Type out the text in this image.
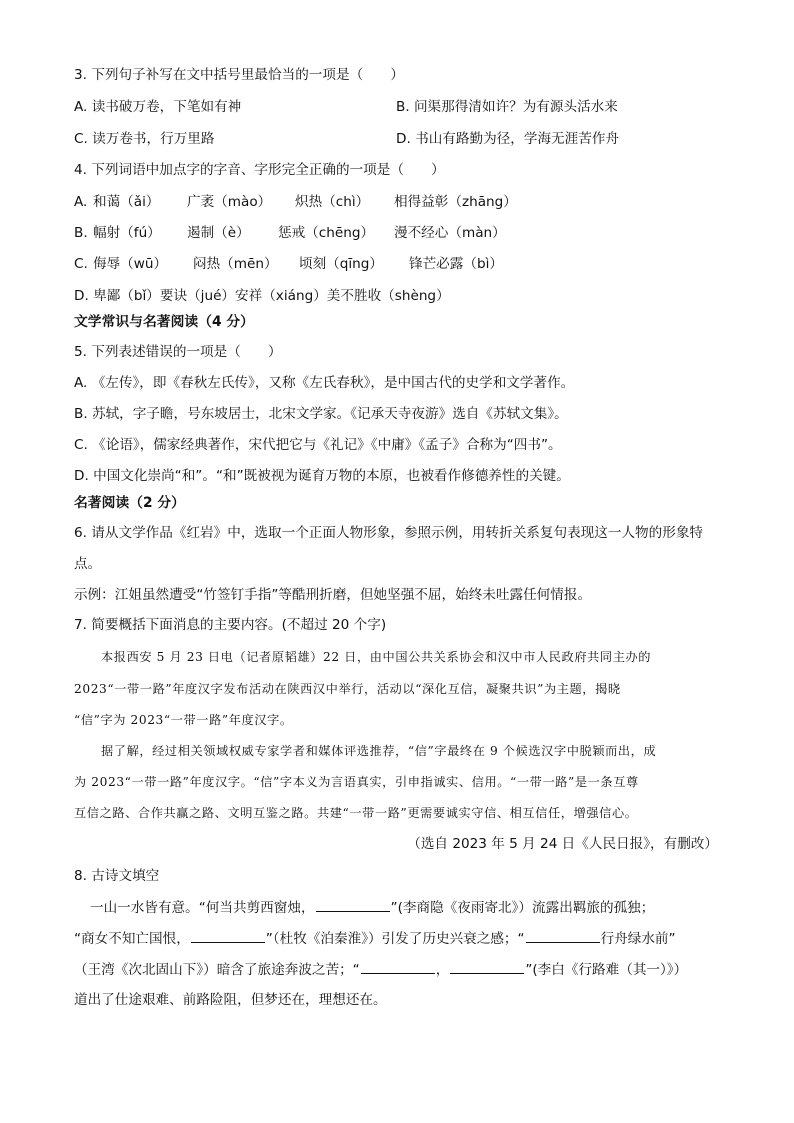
3. 下列句子补写在文中括号里最恰当的一项是（　　）
A. 读书破万卷，下笔如有神	B. 问渠那得清如许？为有源头活水来
C. 读万卷书，行万里路	D. 书山有路勤为径，学海无涯苦作舟
4. 下列词语中加点字的字音、字形完全正确的一项是（　　）
A. 和蔼（ǎi） 广袤（mào） 炽热（chì） 相得益彰（zhāng）
B. 幅射（fú） 遏制（è） 惩戒（chēng） 漫不经心（màn）
C. 侮辱（wū） 闷热（mēn） 顷刻（qīng） 锋芒必露（bì）
D. 卑鄙（bǐ）要诀（jué）安祥（xiáng）美不胜收（shèng）
文学常识与名著阅读（4 分）
5. 下列表述错误的一项是（　　）
A. 《左传》，即《春秋左氏传》，又称《左氏春秋》，是中国古代的史学和文学著作。
B. 苏轼，字子瞻，号东坡居士，北宋文学家。《记承天寺夜游》选自《苏轼文集》。
C. 《论语》，儒家经典著作，宋代把它与《礼记》《中庸》《孟子》合称为“四书”。
D. 中国文化崇尚“和”。“和”既被视为诞育万物的本原，也被看作修德养性的关键。
名著阅读（2 分）
6. 请从文学作品《红岩》中，选取一个正面人物形象，参照示例，用转折关系复句表现这一人物的形象特
点。
示例：江姐虽然遭受“竹签钉手指”等酷刑折磨，但她坚强不屈，始终未吐露任何情报。
7. 简要概括下面消息的主要内容。(不超过 20 个字)
本报西安 5 月 23 日电（记者原韬雄）22 日，由中国公共关系协会和汉中市人民政府共同主办的
2023“一带一路”年度汉字发布活动在陕西汉中举行，活动以“深化互信，凝聚共识”为主题，揭晓
“信”字为 2023“一带一路”年度汉字。
据了解，经过相关领域权威专家学者和媒体评选推荐，“信”字最终在 9 个候选汉字中脱颖而出，成
为 2023“一带一路”年度汉字。“信”字本义为言语真实，引申指诚实、信用。“一带一路”是一条互尊
互信之路、合作共赢之路、文明互鉴之路。共建“一带一路”更需要诚实守信、相互信任，增强信心。
（选自 2023 年 5 月 24 日《人民日报》，有删改）
8. 古诗文填空
一山一水皆有意。“何当共剪西窗烛，	”(李商隐《夜雨寄北》）流露出羁旅的孤独；
“商女不知亡国恨，	”（杜牧《泊秦淮》）引发了历史兴衰之感；“	行舟绿水前”
（王湾《次北固山下》）暗含了旅途奔波之苦；“	，	”(李白《行路难（其一）》）
道出了仕途艰难、前路险阻，但梦还在，理想还在。
